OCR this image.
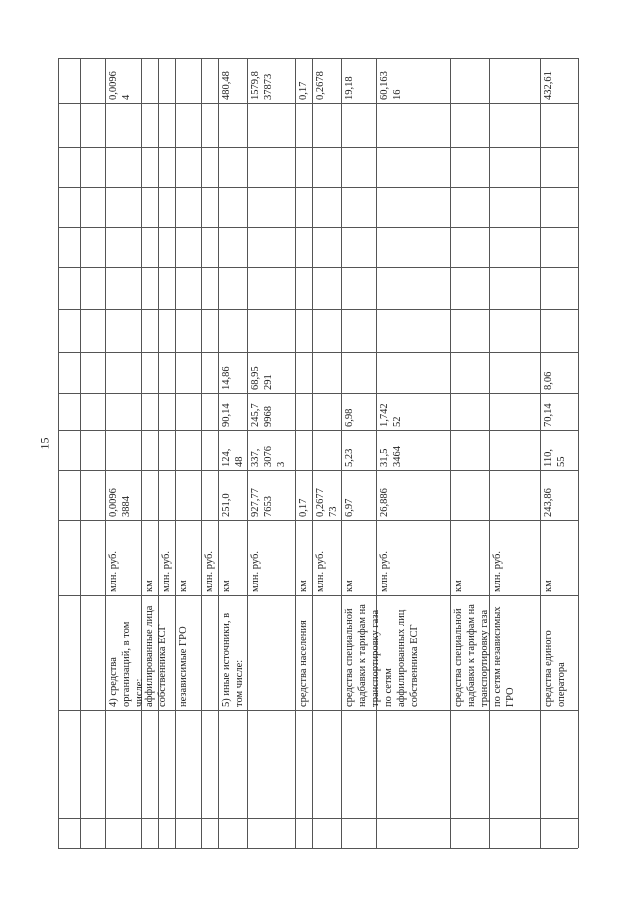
15
4) средства организаций, в том числе:
млн. руб.
0,0096
3884
0,0096
4
аффилированные лица собственника ЕСГ
км млн. руб.
независимые ГРО
км	млн. руб.
5) иные источники, в том числе:
км
251,0
124,
48
90,14
14,86
480,48
млн. руб.
927,77
7653
337,
3076
3
245,7
9968
68,95
291
1579,8
37873
средства населения
км
0,17
0,17
млн. руб.
0,2677
73
0,2678
средства специальной надбавки к тарифам на транспортировку газа по сетям аффилированных лиц собственника ЕСГ
км
6,97
5,23
6,98
19,18
млн. руб.
26,886
31,5
3464
1,742
52
60,163
16
средства специальной надбавки к тарифам на транспортировку газа по сетям независимых ГРО
км	млн. руб.
средства единого оператора
км
243,86
110,
55
70,14
8,06
432,61
